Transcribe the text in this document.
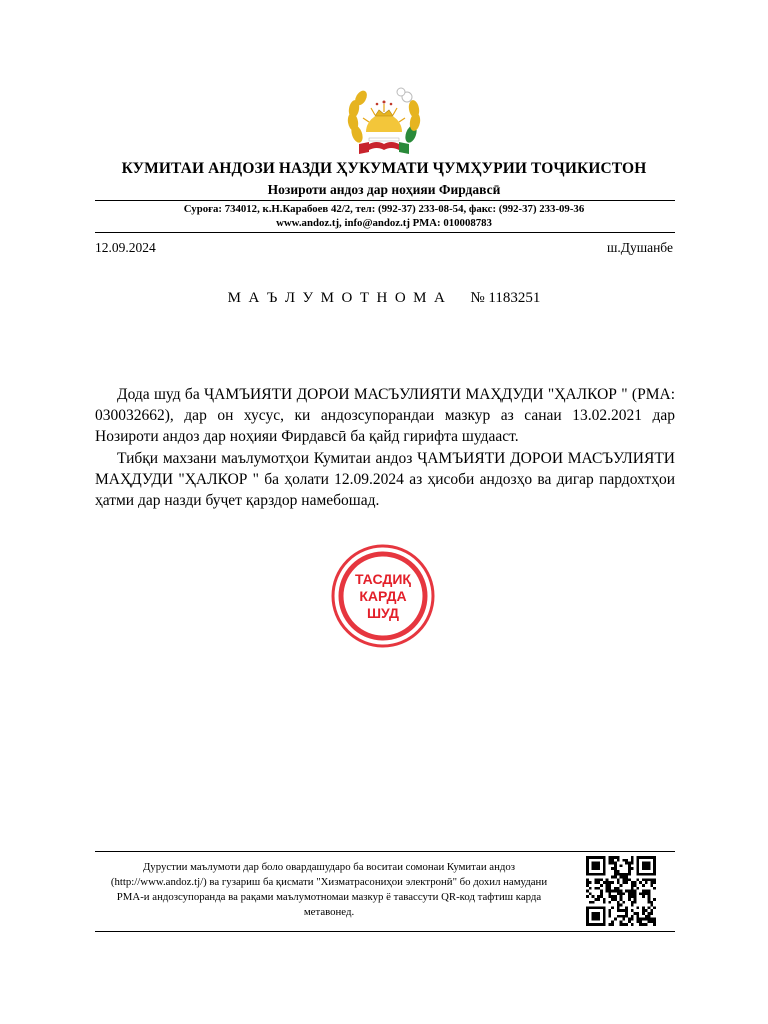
КУМИТАИ АНДОЗИ НАЗДИ ҲУКУМАТИ ҶУМҲУРИИ ТОҶИКИСТОН
Нозироти андоз дар ноҳияи Фирдавсӣ
Суроға: 734012, к.Н.Карабоев 42/2, тел: (992-37) 233-08-54, факс: (992-37) 233-09-36
www.andoz.tj, info@andoz.tj РМА: 010008783
12.09.2024	ш.Душанбе
МАЪЛУМОТНОМА № 1183251

Дода шуд ба ҶАМЪИЯТИ ДОРОИ МАСЪУЛИЯТИ МАҲДУДИ "ҲАЛКОР " (РМА: 030032662), дар он хусус, ки андозсупорандаи мазкур аз санаи 13.02.2021 дар Нозироти андоз дар ноҳияи Фирдавсӣ ба қайд гирифта шудааст.

Тибқи махзани маълумотҳои Кумитаи андоз ҶАМЪИЯТИ ДОРОИ МАСЪУЛИЯТИ МАҲДУДИ "ҲАЛКОР " ба ҳолати 12.09.2024 аз ҳисоби андозҳо ва дигар пардохтҳои ҳатми дар назди буҷет қарздор намебошад.

ТАСДИҚ
КАРДА
ШУД
Дурустии маълумоти дар боло овардашударо ба воситаи сомонаи Кумитаи андоз (http://www.andoz.tj/) ва гузариш ба қисмати "Хизматрасониҳои электронӣ" бо дохил намудани РМА-и андозсупоранда ва рақами маълумотномаи мазкур ё тавассути QR-код тафтиш карда метавонед.
